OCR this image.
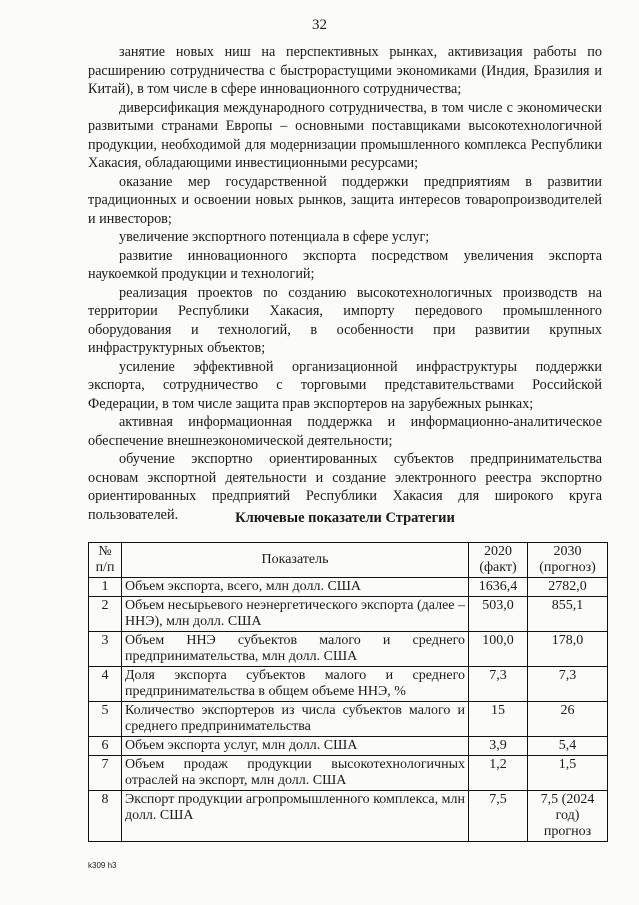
32

занятие новых ниш на перспективных рынках, активизация работы по расширению сотрудничества с быстрорастущими экономиками (Индия, Бразилия и Китай), в том числе в сфере инновационного сотрудничества;

диверсификация международного сотрудничества, в том числе с экономически развитыми странами Европы – основными поставщиками высокотехнологичной продукции, необходимой для модернизации промышленного комплекса Республики Хакасия, обладающими инвестиционными ресурсами;

оказание мер государственной поддержки предприятиям в развитии традиционных и освоении новых рынков, защита интересов товаропроизводителей и инвесторов;

увеличение экспортного потенциала в сфере услуг;

развитие инновационного экспорта посредством увеличения экспорта наукоемкой продукции и технологий;

реализация проектов по созданию высокотехнологичных производств на территории Республики Хакасия, импорту передового промышленного оборудования и технологий, в особенности при развитии крупных инфраструктурных объектов;

усиление эффективной организационной инфраструктуры поддержки экспорта, сотрудничество с торговыми представительствами Российской Федерации, в том числе защита прав экспортеров на зарубежных рынках;

активная информационная поддержка и информационно-аналитическое обеспечение внешнеэкономической деятельности;

обучение экспортно ориентированных субъектов предпринимательства основам экспортной деятельности и создание электронного реестра экспортно ориентированных предприятий Республики Хакасия для широкого круга пользователей.	Ключевые показатели Стратегии
№ п/п	Показатель	2020 (факт)	2030 (прогноз)
1	Объем экспорта, всего, млн долл. США	1636,4	2782,0
2	Объем несырьевого неэнергетического экспорта (далее – ННЭ), млн долл. США	503,0	855,1
3	Объем ННЭ субъектов малого и среднего предпринимательства, млн долл. США	100,0	178,0
4	Доля экспорта субъектов малого и среднего предпринимательства в общем объеме ННЭ, %	7,3	7,3
5	Количество экспортеров из числа субъектов малого и среднего предпринимательства	15	26
6	Объем экспорта услуг, млн долл. США	3,9	5,4
7	Объем продаж продукции высокотехнологичных отраслей на экспорт, млн долл. США	1,2	1,5
8	Экспорт продукции агропромышленного комплекса, млн долл. США	7,5	7,5 (2024 год) прогноз
k309 h3
